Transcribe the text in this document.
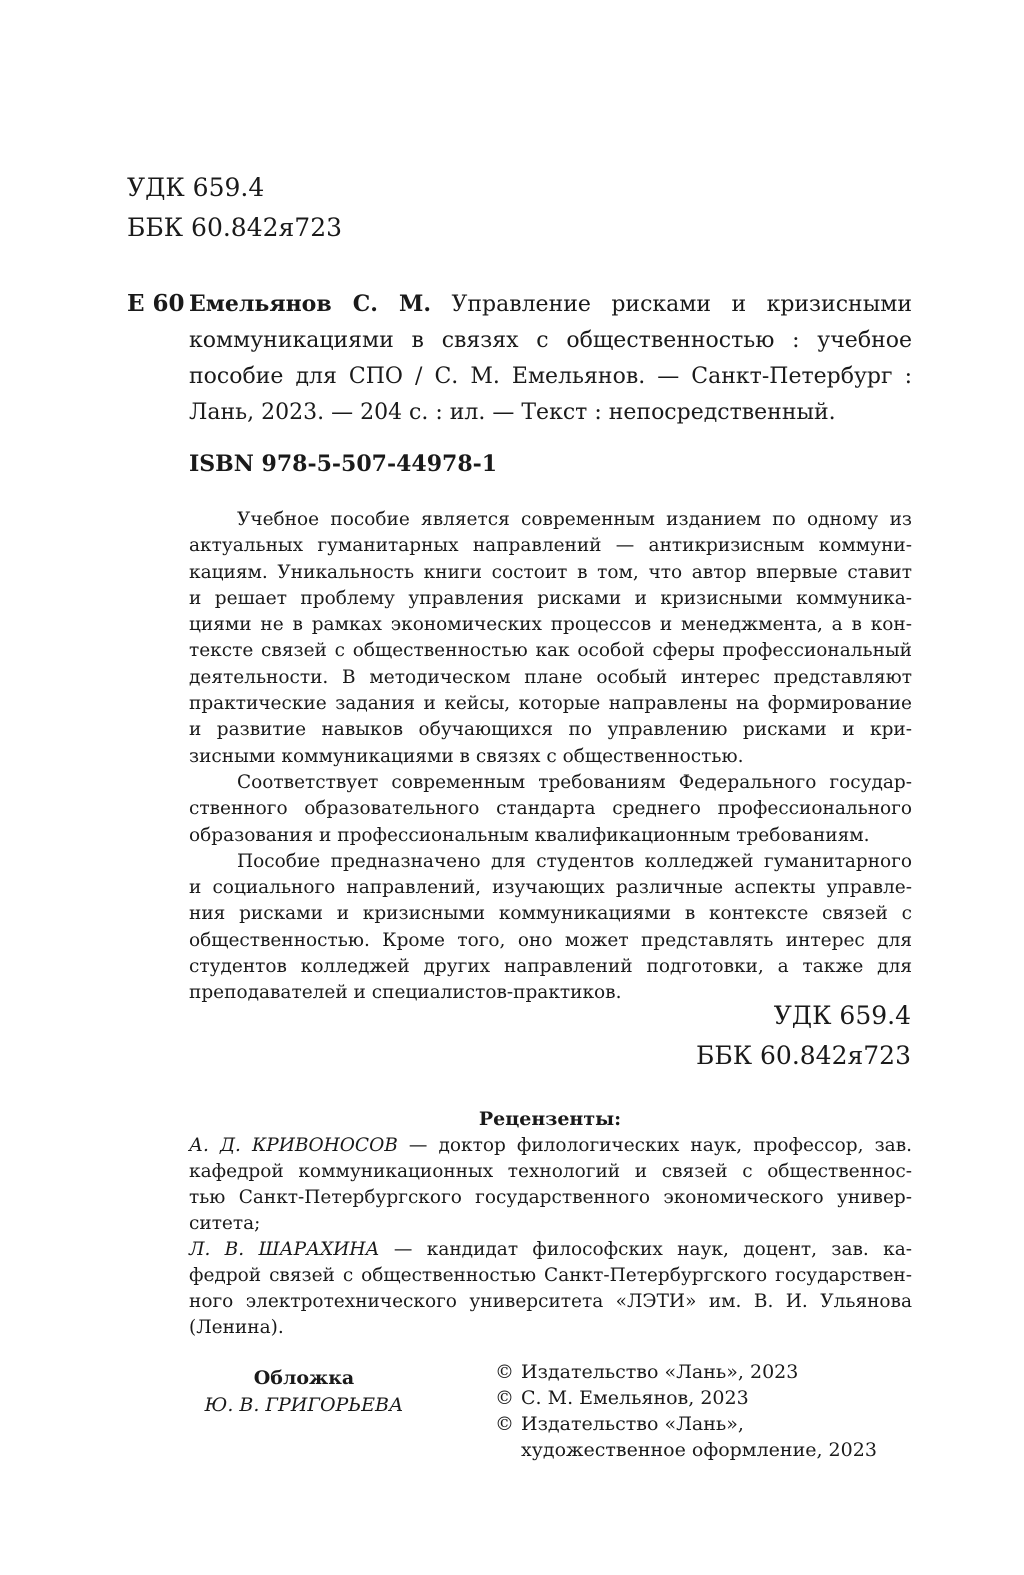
УДК 659.4
ББК 60.842я723
Е 60 Емельянов С. М. Управление рисками и кризисными
коммуникациями в связях с общественностью : учебное
пособие для СПО / С. М. Емельянов. — Санкт-Петербург :
Лань, 2023. — 204 с. : ил. — Текст : непосредственный.
ISBN 978-5-507-44978-1
Учебное пособие является современным изданием по одному из
актуальных гуманитарных направлений — антикризисным коммуни-
кациям. Уникальность книги состоит в том, что автор впервые ставит
и решает проблему управления рисками и кризисными коммуника-
циями не в рамках экономических процессов и менеджмента, а в кон-
тексте связей с общественностью как особой сферы профессиональный
деятельности. В методическом плане особый интерес представляют
практические задания и кейсы, которые направлены на формирование
и развитие навыков обучающихся по управлению рисками и кри-
зисными коммуникациями в связях с общественностью.
Соответствует современным требованиям Федерального государ-
ственного образовательного стандарта среднего профессионального
образования и профессиональным квалификационным требованиям.
Пособие предназначено для студентов колледжей гуманитарного
и социального направлений, изучающих различные аспекты управле-
ния рисками и кризисными коммуникациями в контексте связей с
общественностью. Кроме того, оно может представлять интерес для
студентов колледжей других направлений подготовки, а также для
преподавателей и специалистов-практиков.
УДК 659.4
ББК 60.842я723
Рецензенты:
А. Д. КРИВОНОСОВ — доктор филологических наук, профессор, зав.
кафедрой коммуникационных технологий и связей с общественнос-
тью Санкт-Петербургского государственного экономического универ-
ситета;
Л. В. ШАРАХИНА — кандидат философских наук, доцент, зав. ка-
федрой связей с общественностью Санкт-Петербургского государствен-
ного электротехнического университета «ЛЭТИ» им. В. И. Ульянова
(Ленина).
Обложка
Ю. В. ГРИГОРЬЕВА
© Издательство «Лань», 2023
© С. М. Емельянов, 2023
© Издательство «Лань»,
художественное оформление, 2023
